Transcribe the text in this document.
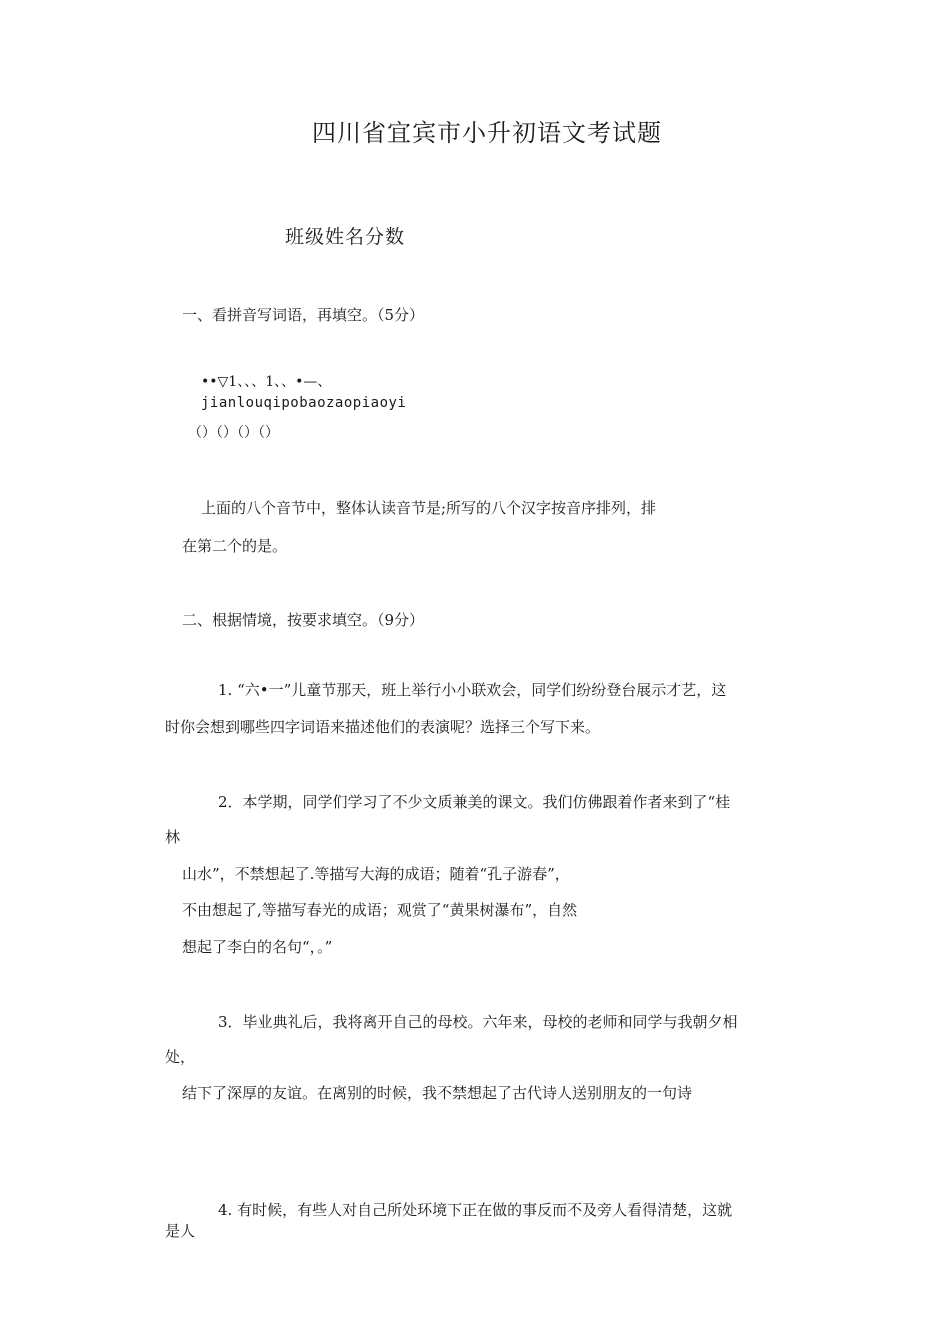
四川省宜宾市小升初语文考试题
班级姓名分数
一、看拼音写词语，再填空。（5分）
••▽1、、、1、、•—、
jianlouqipobaozaopiaoyi
（）（）（）（）
上面的八个音节中，整体认读音节是;所写的八个汉字按音序排列，排
在第二个的是。
二、根据情境，按要求填空。（9分）
1. “六•一”儿童节那天，班上举行小小联欢会，同学们纷纷登台展示才艺，这
时你会想到哪些四字词语来描述他们的表演呢？选择三个写下来。
2．本学期，同学们学习了不少文质兼美的课文。我们仿佛跟着作者来到了“桂
林
山水”，不禁想起了.等描写大海的成语；随着“孔子游春”，
不由想起了,等描写春光的成语；观赏了“黄果树瀑布”，自然
想起了李白的名句“，。”
3．毕业典礼后，我将离开自己的母校。六年来，母校的老师和同学与我朝夕相
处，
结下了深厚的友谊。在离别的时候，我不禁想起了古代诗人送别朋友的一句诗
4. 有时候，有些人对自己所处环境下正在做的事反而不及旁人看得清楚，这就
是人
